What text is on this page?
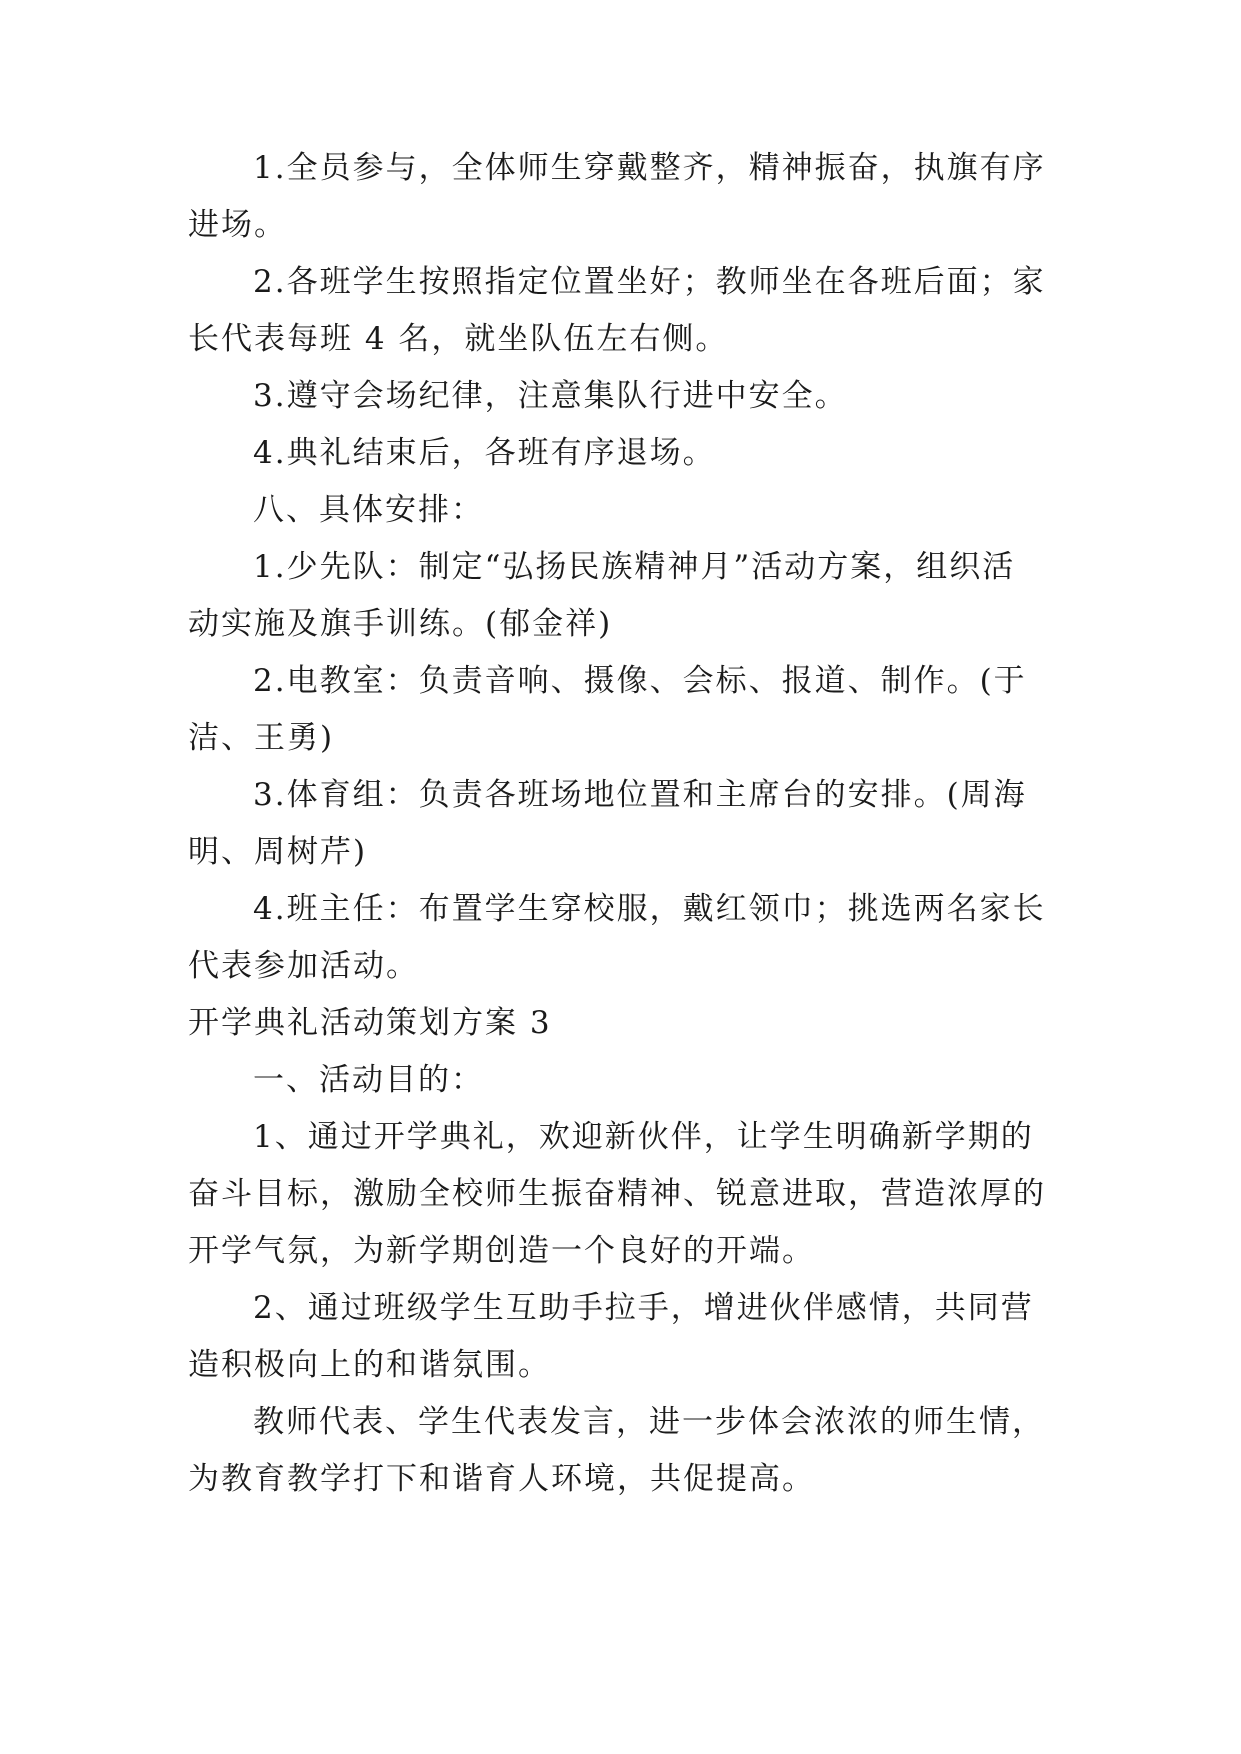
1.全员参与，全体师生穿戴整齐，精神振奋，执旗有序
进场。
2.各班学生按照指定位置坐好；教师坐在各班后面；家
长代表每班 4 名，就坐队伍左右侧。
3.遵守会场纪律，注意集队行进中安全。
4.典礼结束后，各班有序退场。
八、具体安排：
1.少先队：制定“弘扬民族精神月”活动方案，组织活
动实施及旗手训练。(郁金祥)
2.电教室：负责音响、摄像、会标、报道、制作。(于
洁、王勇)
3.体育组：负责各班场地位置和主席台的安排。(周海
明、周树芹)
4.班主任：布置学生穿校服，戴红领巾；挑选两名家长
代表参加活动。
开学典礼活动策划方案 3
一、活动目的：
1、通过开学典礼，欢迎新伙伴，让学生明确新学期的
奋斗目标，激励全校师生振奋精神、锐意进取，营造浓厚的
开学气氛，为新学期创造一个良好的开端。
2、通过班级学生互助手拉手，增进伙伴感情，共同营
造积极向上的和谐氛围。
教师代表、学生代表发言，进一步体会浓浓的师生情，
为教育教学打下和谐育人环境，共促提高。
